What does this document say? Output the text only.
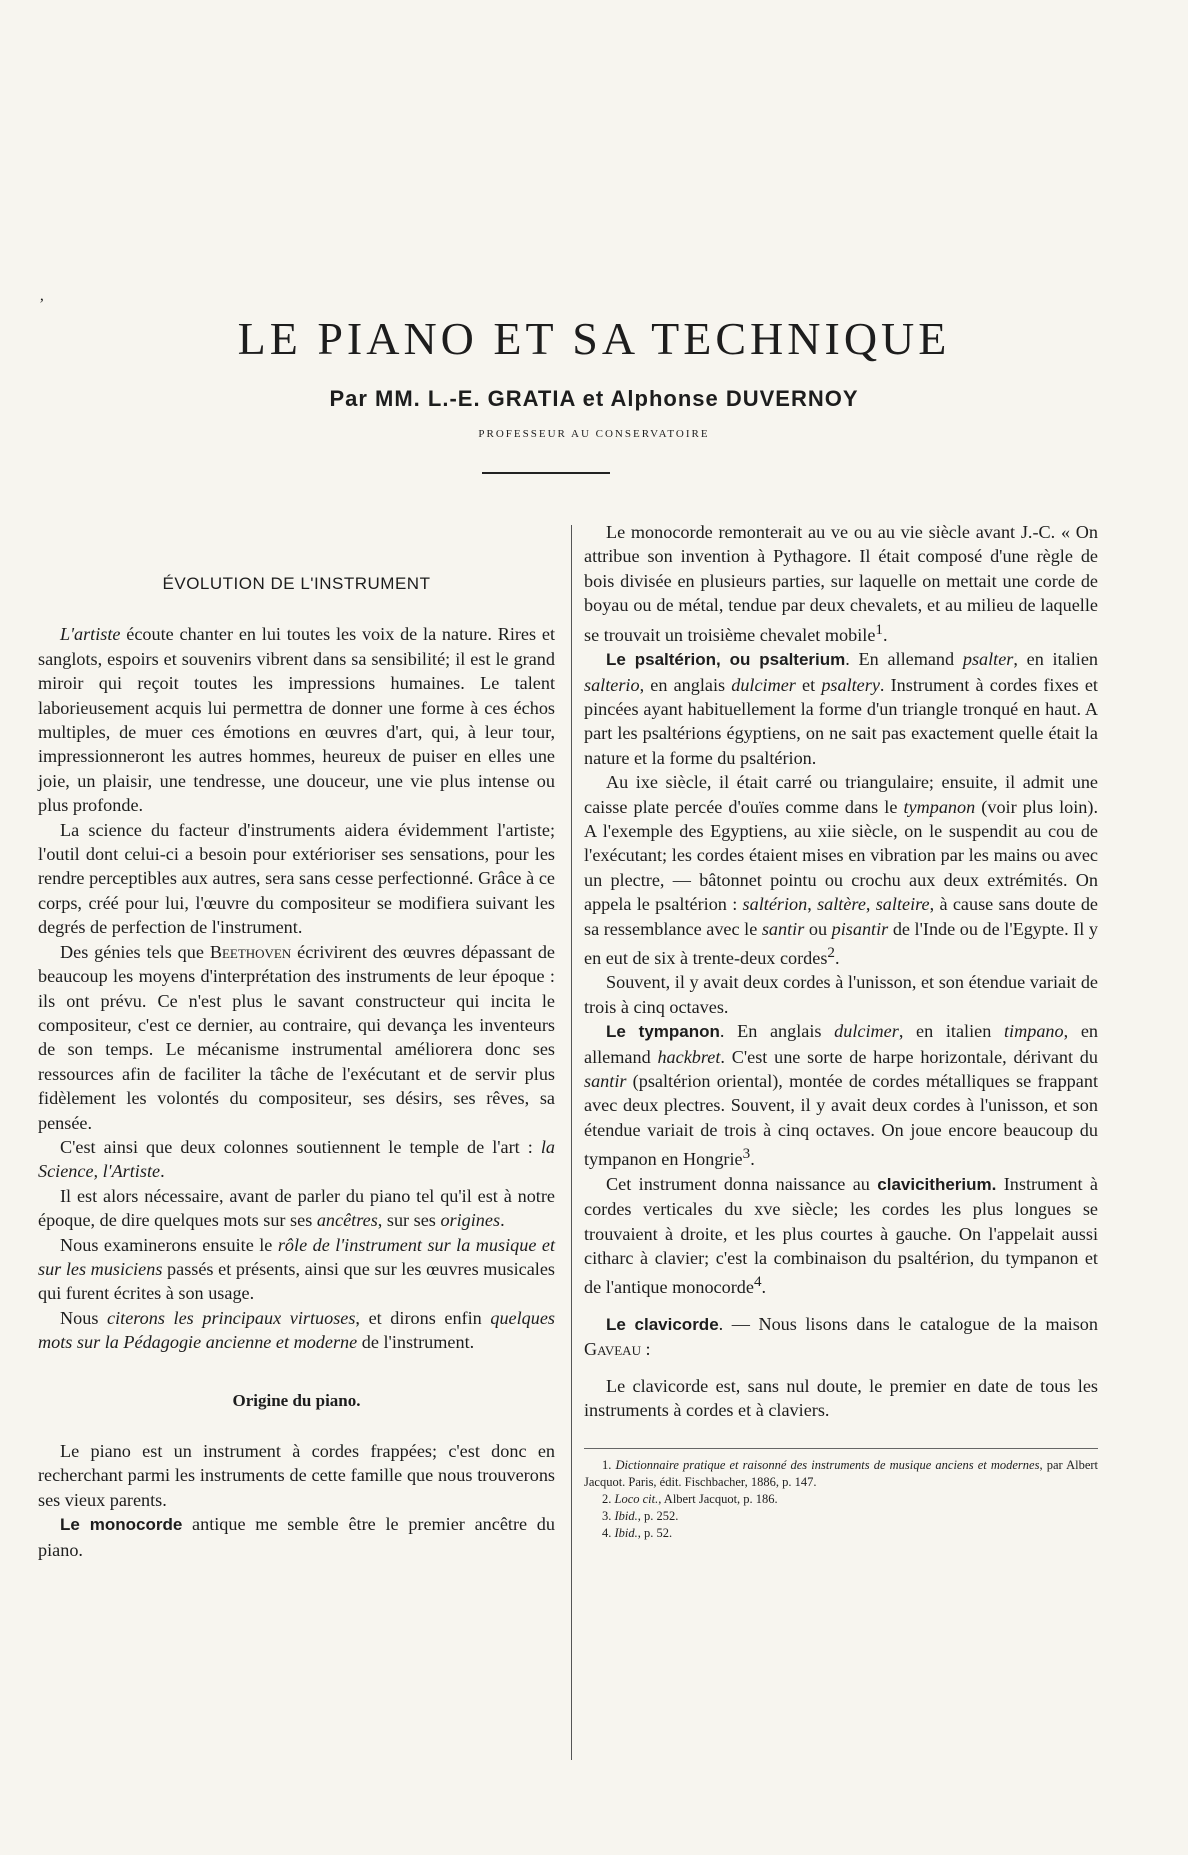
ʼ
LE PIANO ET SA TECHNIQUE

Par MM. L.-E. GRATIA et Alphonse DUVERNOY

PROFESSEUR AU CONSERVATOIRE

ÉVOLUTION DE L'INSTRUMENT

L'artiste écoute chanter en lui toutes les voix de la nature. Rires et sanglots, espoirs et souvenirs vibrent dans sa sensibilité; il est le grand miroir qui reçoit toutes les impressions humaines. Le talent laborieusement acquis lui permettra de donner une forme à ces échos multiples, de muer ces émotions en œuvres d'art, qui, à leur tour, impressionneront les autres hommes, heureux de puiser en elles une joie, un plaisir, une tendresse, une douceur, une vie plus intense ou plus profonde.

La science du facteur d'instruments aidera évidemment l'artiste; l'outil dont celui-ci a besoin pour extérioriser ses sensations, pour les rendre perceptibles aux autres, sera sans cesse perfectionné. Grâce à ce corps, créé pour lui, l'œuvre du compositeur se modifiera suivant les degrés de perfection de l'instrument.

Des génies tels que Beethoven écrivirent des œuvres dépassant de beaucoup les moyens d'interprétation des instruments de leur époque : ils ont prévu. Ce n'est plus le savant constructeur qui incita le compositeur, c'est ce dernier, au contraire, qui devança les inventeurs de son temps. Le mécanisme instrumental améliorera donc ses ressources afin de faciliter la tâche de l'exécutant et de servir plus fidèlement les volontés du compositeur, ses désirs, ses rêves, sa pensée.

C'est ainsi que deux colonnes soutiennent le temple de l'art : la Science, l'Artiste.

Il est alors nécessaire, avant de parler du piano tel qu'il est à notre époque, de dire quelques mots sur ses ancêtres, sur ses origines.

Nous examinerons ensuite le rôle de l'instrument sur la musique et sur les musiciens passés et présents, ainsi que sur les œuvres musicales qui furent écrites à son usage.

Nous citerons les principaux virtuoses, et dirons enfin quelques mots sur la Pédagogie ancienne et moderne de l'instrument.

Origine du piano.

Le piano est un instrument à cordes frappées; c'est donc en recherchant parmi les instruments de cette famille que nous trouverons ses vieux parents.

Le monocorde antique me semble être le premier ancêtre du piano.

Le monocorde remonterait au ve ou au vie siècle avant J.-C. « On attribue son invention à Pythagore. Il était composé d'une règle de bois divisée en plusieurs parties, sur laquelle on mettait une corde de boyau ou de métal, tendue par deux chevalets, et au milieu de laquelle se trouvait un troisième chevalet mobile$^1$.

Le psaltérion, ou psalterium. En allemand psalter, en italien salterio, en anglais dulcimer et psaltery. Instrument à cordes fixes et pincées ayant habituellement la forme d'un triangle tronqué en haut. A part les psaltérions égyptiens, on ne sait pas exactement quelle était la nature et la forme du psaltérion.

Au ixe siècle, il était carré ou triangulaire; ensuite, il admit une caisse plate percée d'ouïes comme dans le tympanon (voir plus loin). A l'exemple des Egyptiens, au xiie siècle, on le suspendit au cou de l'exécutant; les cordes étaient mises en vibration par les mains ou avec un plectre, — bâtonnet pointu ou crochu aux deux extrémités. On appela le psaltérion : saltérion, saltère, salteire, à cause sans doute de sa ressemblance avec le santir ou pisantir de l'Inde ou de l'Egypte. Il y en eut de six à trente-deux cordes$^2$.

Souvent, il y avait deux cordes à l'unisson, et son étendue variait de trois à cinq octaves.

Le tympanon. En anglais dulcimer, en italien timpano, en allemand hackbret. C'est une sorte de harpe horizontale, dérivant du santir (psaltérion oriental), montée de cordes métalliques se frappant avec deux plectres. Souvent, il y avait deux cordes à l'unisson, et son étendue variait de trois à cinq octaves. On joue encore beaucoup du tympanon en Hongrie$^3$.

Cet instrument donna naissance au clavicitherium. Instrument à cordes verticales du xve siècle; les cordes les plus longues se trouvaient à droite, et les plus courtes à gauche. On l'appelait aussi citharc à clavier; c'est la combinaison du psaltérion, du tympanon et de l'antique monocorde$^4$.

Le clavicorde. — Nous lisons dans le catalogue de la maison Gaveau :

Le clavicorde est, sans nul doute, le premier en date de tous les instruments à cordes et à claviers.

1. Dictionnaire pratique et raisonné des instruments de musique anciens et modernes, par Albert Jacquot. Paris, édit. Fischbacher, 1886, p. 147.
2. Loco cit., Albert Jacquot, p. 186.
3. Ibid., p. 252.
4. Ibid., p. 52.
